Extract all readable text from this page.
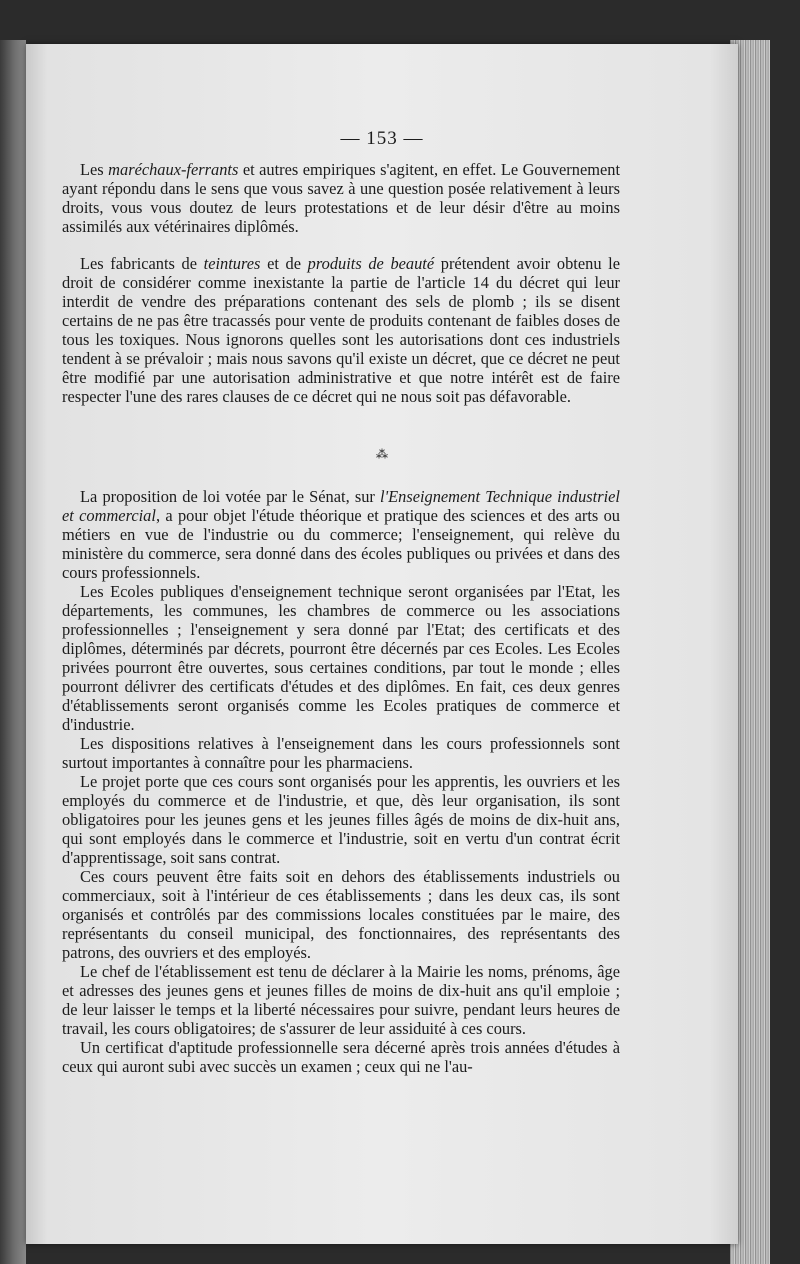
— 153 —

Les maréchaux-ferrants et autres empiriques s'agitent, en effet. Le Gouvernement ayant répondu dans le sens que vous savez à une question posée relativement à leurs droits, vous vous doutez de leurs protestations et de leur désir d'être au moins assimilés aux vétérinaires diplômés.

Les fabricants de teintures et de produits de beauté prétendent avoir obtenu le droit de considérer comme inexistante la partie de l'article 14 du décret qui leur interdit de vendre des préparations contenant des sels de plomb ; ils se disent certains de ne pas être tracassés pour vente de produits contenant de faibles doses de tous les toxiques. Nous ignorons quelles sont les autorisations dont ces industriels tendent à se prévaloir ; mais nous savons qu'il existe un décret, que ce décret ne peut être modifié par une autorisation administrative et que notre intérêt est de faire respecter l'une des rares clauses de ce décret qui ne nous soit pas défavorable.

⁂

La proposition de loi votée par le Sénat, sur l'Enseignement Technique industriel et commercial, a pour objet l'étude théorique et pratique des sciences et des arts ou métiers en vue de l'industrie ou du commerce; l'enseignement, qui relève du ministère du commerce, sera donné dans des écoles publiques ou privées et dans des cours professionnels.

Les Ecoles publiques d'enseignement technique seront organisées par l'Etat, les départements, les communes, les chambres de commerce ou les associations professionnelles ; l'enseignement y sera donné par l'Etat; des certificats et des diplômes, déterminés par décrets, pourront être décernés par ces Ecoles. Les Ecoles privées pourront être ouvertes, sous certaines conditions, par tout le monde ; elles pourront délivrer des certificats d'études et des diplômes. En fait, ces deux genres d'établissements seront organisés comme les Ecoles pratiques de commerce et d'industrie.

Les dispositions relatives à l'enseignement dans les cours professionnels sont surtout importantes à connaître pour les pharmaciens.

Le projet porte que ces cours sont organisés pour les apprentis, les ouvriers et les employés du commerce et de l'industrie, et que, dès leur organisation, ils sont obligatoires pour les jeunes gens et les jeunes filles âgés de moins de dix-huit ans, qui sont employés dans le commerce et l'industrie, soit en vertu d'un contrat écrit d'apprentissage, soit sans contrat.

Ces cours peuvent être faits soit en dehors des établissements industriels ou commerciaux, soit à l'intérieur de ces établissements ; dans les deux cas, ils sont organisés et contrôlés par des commissions locales constituées par le maire, des représentants du conseil municipal, des fonctionnaires, des représentants des patrons, des ouvriers et des employés.

Le chef de l'établissement est tenu de déclarer à la Mairie les noms, prénoms, âge et adresses des jeunes gens et jeunes filles de moins de dix-huit ans qu'il emploie ; de leur laisser le temps et la liberté nécessaires pour suivre, pendant leurs heures de travail, les cours obligatoires; de s'assurer de leur assiduité à ces cours.

Un certificat d'aptitude professionnelle sera décerné après trois années d'études à ceux qui auront subi avec succès un examen ; ceux qui ne l'au-
